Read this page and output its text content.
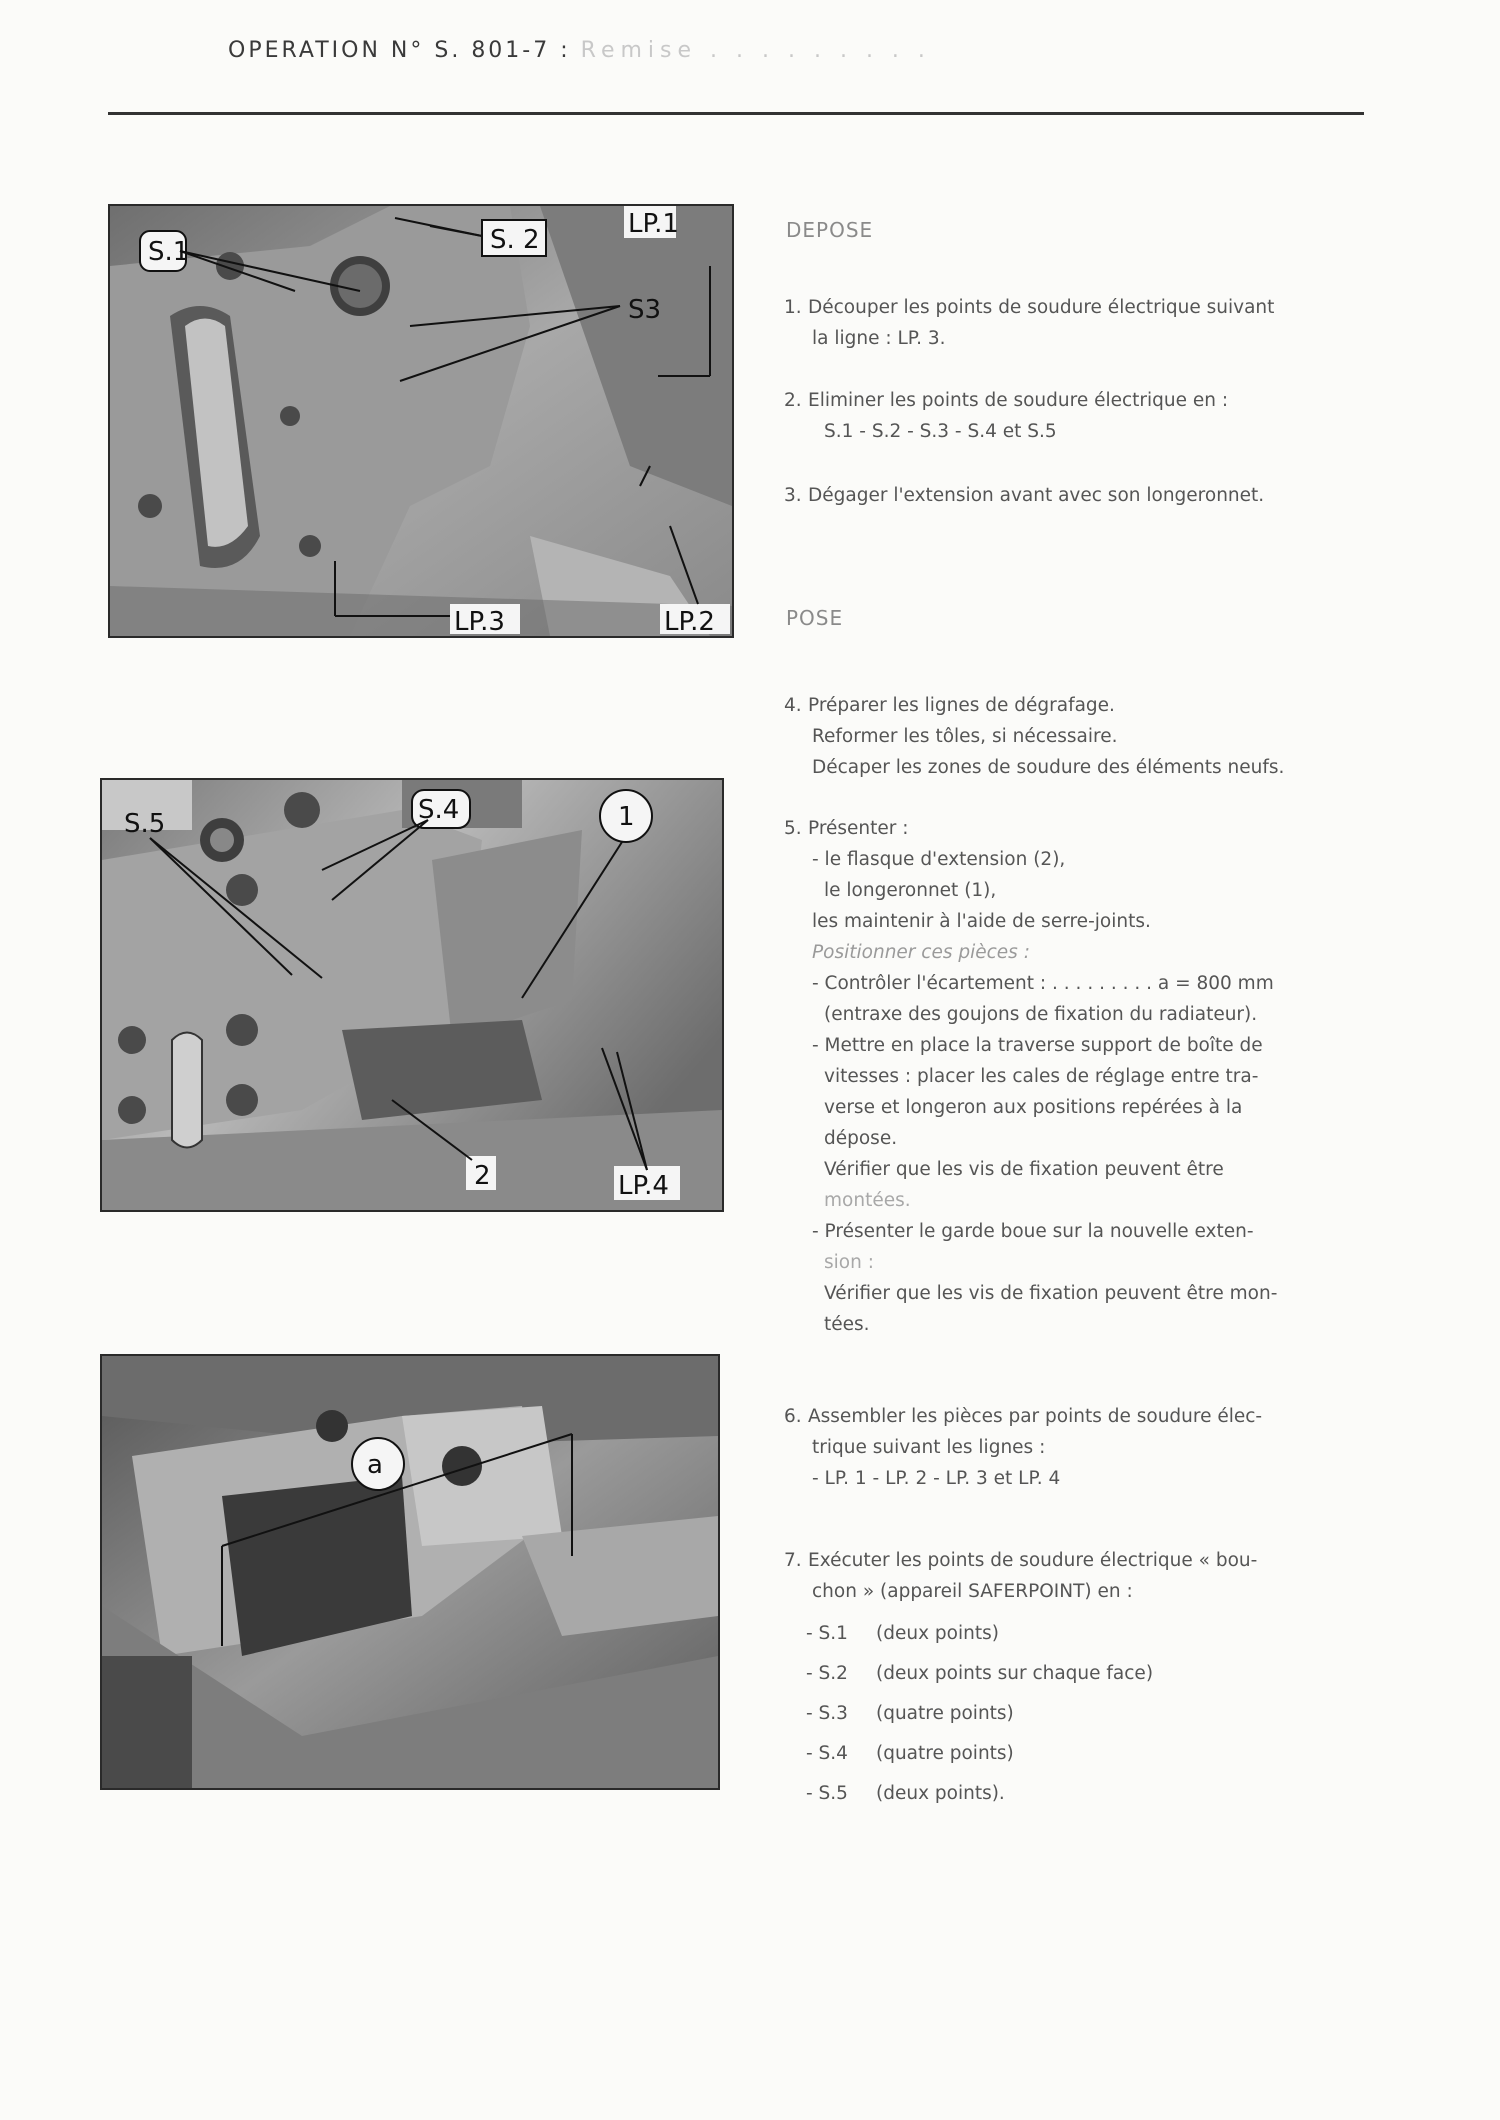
OPERATION N° S. 801-7 : Remise . . . . . . . . .
S.1	S. 2
LP.1
S3
LP.3	LP.2
S.5	S.4	1
2	LP.4
a
DEPOSE
1. Découper les points de soudure électrique suivant
la ligne : LP. 3.
2. Eliminer les points de soudure électrique en :
S.1 - S.2 - S.3 - S.4 et S.5
3. Dégager l'extension avant avec son longeronnet.
POSE
4. Préparer les lignes de dégrafage.
Reformer les tôles, si nécessaire.
Décaper les zones de soudure des éléments neufs.
5. Présenter :
- le flasque d'extension (2),
le longeronnet (1),
les maintenir à l'aide de serre-joints.
Positionner ces pièces :
- Contrôler l'écartement : . . . . . . . . . a = 800 mm
(entraxe des goujons de fixation du radiateur).
- Mettre en place la traverse support de boîte de
vitesses : placer les cales de réglage entre tra-
verse et longeron aux positions repérées à la
dépose.
Vérifier que les vis de fixation peuvent être
montées.
- Présenter le garde boue sur la nouvelle exten-
sion :
Vérifier que les vis de fixation peuvent être mon-
tées.
6. Assembler les pièces par points de soudure élec-
trique suivant les lignes :
- LP. 1 - LP. 2 - LP. 3 et LP. 4
7. Exécuter les points de soudure électrique « bou-
chon » (appareil SAFERPOINT) en :
- S.1 (deux points)
- S.2 (deux points sur chaque face)
- S.3 (quatre points)
- S.4 (quatre points)
- S.5 (deux points).
